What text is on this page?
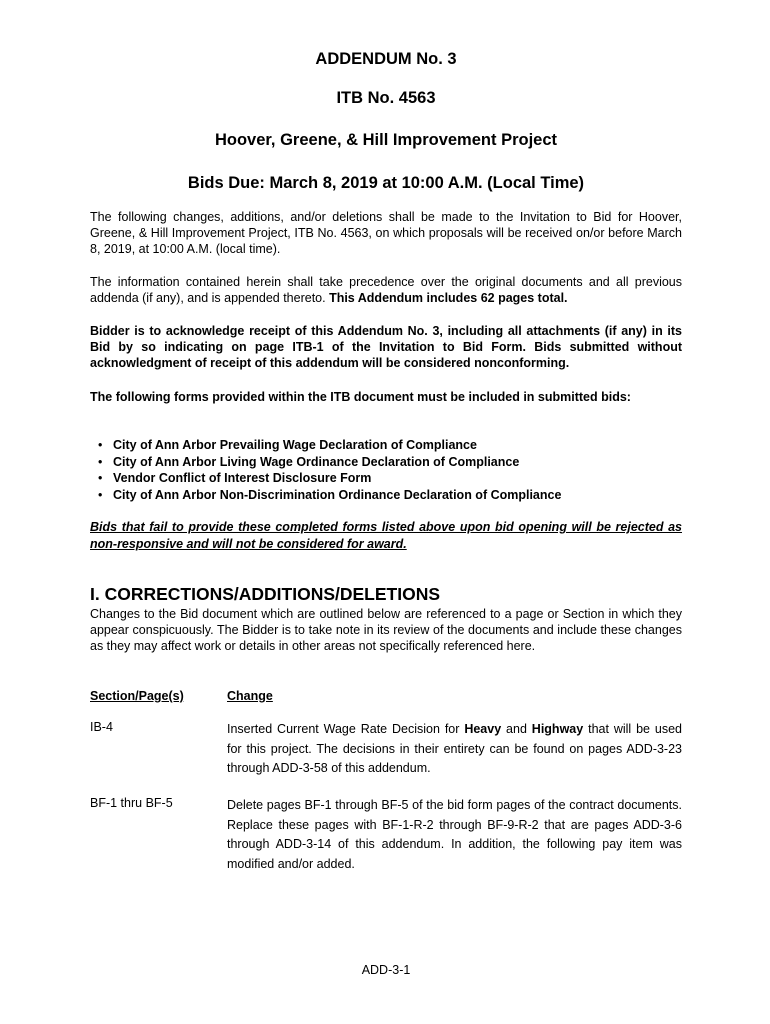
ADDENDUM No. 3
ITB No. 4563
Hoover, Greene, & Hill Improvement Project
Bids Due: March 8, 2019 at 10:00 A.M. (Local Time)

The following changes, additions, and/or deletions shall be made to the Invitation to Bid for Hoover, Greene, & Hill Improvement Project, ITB No. 4563, on which proposals will be received on/or before March 8, 2019, at 10:00 A.M. (local time).

The information contained herein shall take precedence over the original documents and all previous addenda (if any), and is appended thereto. This Addendum includes 62 pages total.

Bidder is to acknowledge receipt of this Addendum No. 3, including all attachments (if any) in its Bid by so indicating on page ITB-1 of the Invitation to Bid Form. Bids submitted without acknowledgment of receipt of this addendum will be considered nonconforming.

The following forms provided within the ITB document must be included in submitted bids:

• City of Ann Arbor Prevailing Wage Declaration of Compliance
• City of Ann Arbor Living Wage Ordinance Declaration of Compliance
• Vendor Conflict of Interest Disclosure Form
• City of Ann Arbor Non-Discrimination Ordinance Declaration of Compliance

Bids that fail to provide these completed forms listed above upon bid opening will be rejected as non-responsive and will not be considered for award.

I. CORRECTIONS/ADDITIONS/DELETIONS

Changes to the Bid document which are outlined below are referenced to a page or Section in which they appear conspicuously. The Bidder is to take note in its review of the documents and include these changes as they may affect work or details in other areas not specifically referenced here.

Section/Page(s)	Change

IB-4	Inserted Current Wage Rate Decision for Heavy and Highway that will be used for this project. The decisions in their entirety can be found on pages ADD-3-23 through ADD-3-58 of this addendum.

BF-1 thru BF-5	Delete pages BF-1 through BF-5 of the bid form pages of the contract documents. Replace these pages with BF-1-R-2 through BF-9-R-2 that are pages ADD-3-6 through ADD-3-14 of this addendum. In addition, the following pay item was modified and/or added.

ADD-3-1
